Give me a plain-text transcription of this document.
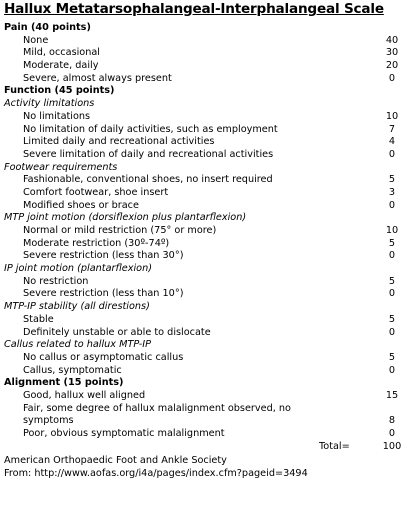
Hallux Metatarsophalangeal-Interphalangeal Scale
Pain (40 points)
None	40
Mild, occasional	30
Moderate, daily	20
Severe, almost always present	0
Function (45 points)
Activity limitations
No limitations	10
No limitation of daily activities, such as employment	7
Limited daily and recreational activities	4
Severe limitation of daily and recreational activities	0
Footwear requirements
Fashionable, conventional shoes, no insert required	5
Comfort footwear, shoe insert	3
Modified shoes or brace	0
MTP joint motion (dorsiflexion plus plantarflexion)
Normal or mild restriction (75° or more)	10
Moderate restriction (30º-74º)	5
Severe restriction (less than 30°)	0
IP joint motion (plantarflexion)
No restriction	5
Severe restriction (less than 10°)	0
MTP-IP stability (all direstions)
Stable	5
Definitely unstable or able to dislocate	0
Callus related to hallux MTP-IP
No callus or asymptomatic callus	5
Callus, symptomatic	0
Alignment (15 points)
Good, hallux well aligned	15
Fair, some degree of hallux malalignment observed, no
symptoms	8
Poor, obvious symptomatic malalignment	0
Total=	100
American Orthopaedic Foot and Ankle Society
From: http://www.aofas.org/i4a/pages/index.cfm?pageid=3494
